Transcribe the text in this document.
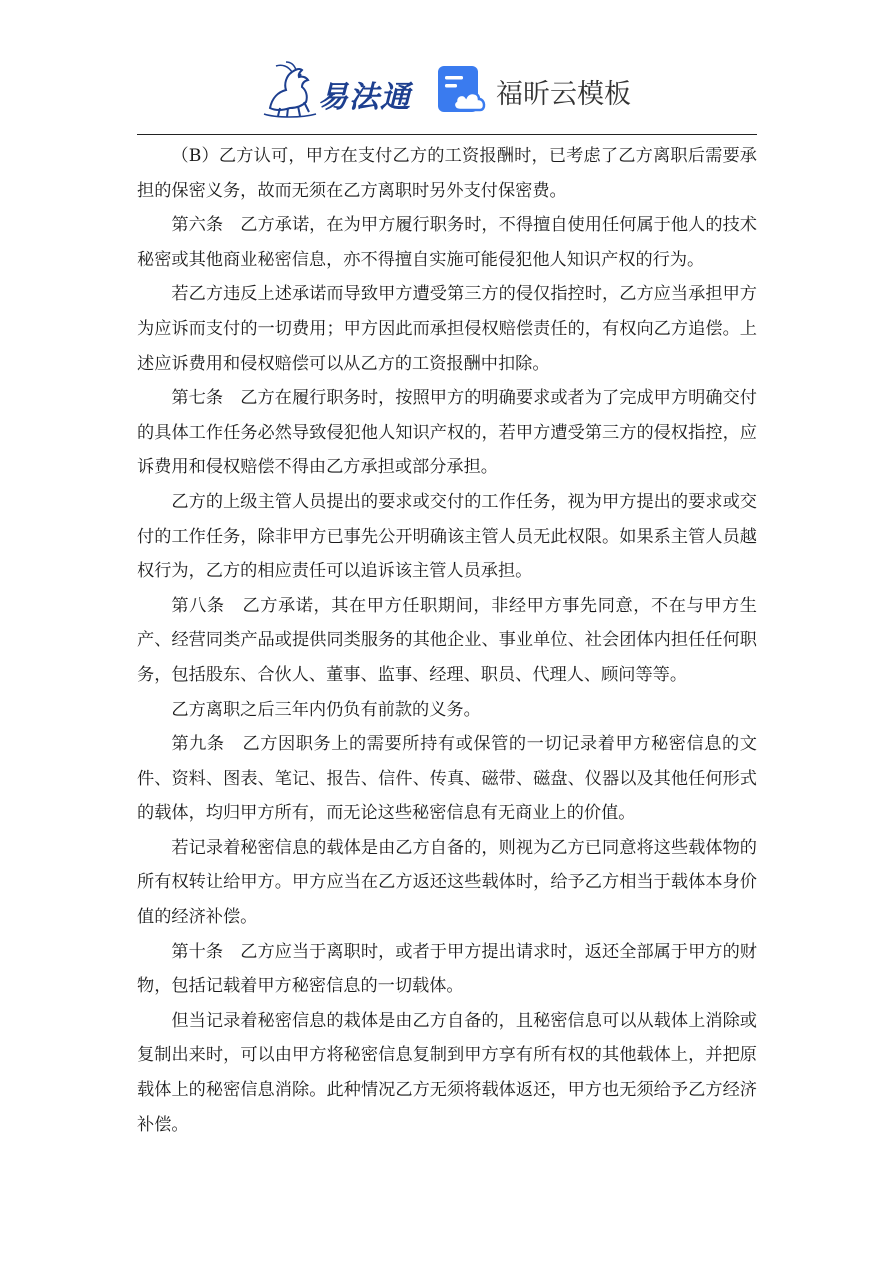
易法通	福昕云模板

（B）乙方认可，甲方在支付乙方的工资报酬时，已考虑了乙方离职后需要承担的保密义务，故而无须在乙方离职时另外支付保密费。

第六条　乙方承诺，在为甲方履行职务时，不得擅自使用任何属于他人的技术秘密或其他商业秘密信息，亦不得擅自实施可能侵犯他人知识产权的行为。

若乙方违反上述承诺而导致甲方遭受第三方的侵仅指控时，乙方应当承担甲方为应诉而支付的一切费用；甲方因此而承担侵权赔偿责任的，有权向乙方追偿。上述应诉费用和侵权赔偿可以从乙方的工资报酬中扣除。

第七条　乙方在履行职务时，按照甲方的明确要求或者为了完成甲方明确交付的具体工作任务必然导致侵犯他人知识产权的，若甲方遭受第三方的侵权指控，应诉费用和侵权赔偿不得由乙方承担或部分承担。

乙方的上级主管人员提出的要求或交付的工作任务，视为甲方提出的要求或交付的工作任务，除非甲方已事先公开明确该主管人员无此权限。如果系主管人员越权行为，乙方的相应责任可以追诉该主管人员承担。

第八条　乙方承诺，其在甲方任职期间，非经甲方事先同意，不在与甲方生产、经营同类产品或提供同类服务的其他企业、事业单位、社会团体内担任任何职务，包括股东、合伙人、董事、监事、经理、职员、代理人、顾问等等。

乙方离职之后三年内仍负有前款的义务。

第九条　乙方因职务上的需要所持有或保管的一切记录着甲方秘密信息的文件、资料、图表、笔记、报告、信件、传真、磁带、磁盘、仪器以及其他任何形式的载体，均归甲方所有，而无论这些秘密信息有无商业上的价值。

若记录着秘密信息的载体是由乙方自备的，则视为乙方已同意将这些载体物的所有权转让给甲方。甲方应当在乙方返还这些载体时，给予乙方相当于载体本身价值的经济补偿。

第十条　乙方应当于离职时，或者于甲方提出请求时，返还全部属于甲方的财物，包括记载着甲方秘密信息的一切载体。

但当记录着秘密信息的栽体是由乙方自备的，且秘密信息可以从载体上消除或复制出来时，可以由甲方将秘密信息复制到甲方享有所有权的其他载体上，并把原载体上的秘密信息消除。此种情况乙方无须将载体返还，甲方也无须给予乙方经济补偿。
